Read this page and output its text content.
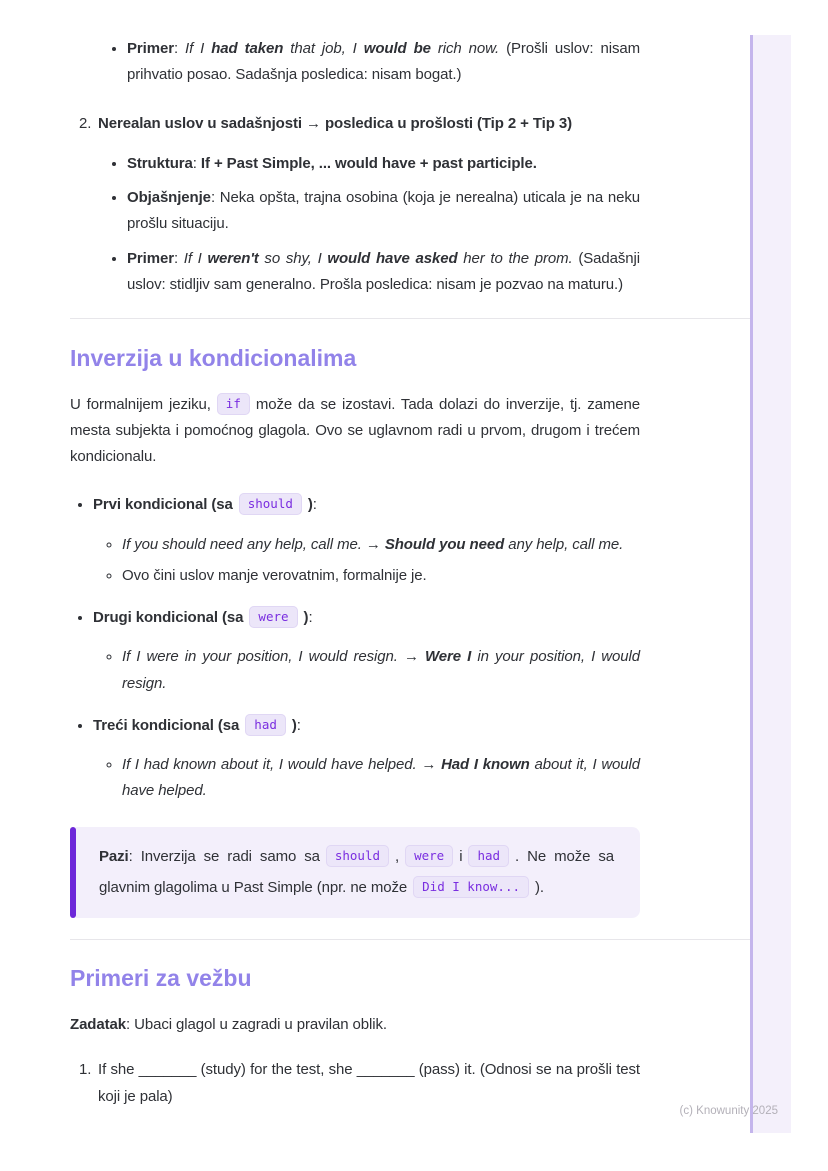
• Primer: If I had taken that job, I would be rich now. (Prošli uslov: nisam prihvatio posao. Sadašnja posledica: nisam bogat.)
2. Nerealan uslov u sadašnjosti → posledica u prošlosti (Tip 2 + Tip 3)
• Struktura: If + Past Simple, ... would have + past participle.
• Objašnjenje: Neka opšta, trajna osobina (koja je nerealna) uticala je na neku prošlu situaciju.
• Primer: If I weren't so shy, I would have asked her to the prom. (Sadašnji uslov: stidljiv sam generalno. Prošla posledica: nisam je pozvao na maturu.)
Inverzija u kondicionalima

U formalnijem jeziku, if može da se izostavi. Tada dolazi do inverzije, tj. zamene mesta subjekta i pomoćnog glagola. Ovo se uglavnom radi u prvom, drugom i trećem kondicionalu.

• Prvi kondicional (sa should ):
◦ If you should need any help, call me. → Should you need any help, call me.
◦ Ovo čini uslov manje verovatnim, formalnije je.
• Drugi kondicional (sa were ):
◦ If I were in your position, I would resign. → Were I in your position, I would resign.
• Treći kondicional (sa had ):
◦ If I had known about it, I would have helped. → Had I known about it, I would have helped.
Pazi: Inverzija se radi samo sa should , were i had . Ne može sa glavnim glagolima u Past Simple (npr. ne može Did I know... ).
Primeri za vežbu

Zadatak: Ubaci glagol u zagradi u pravilan oblik.

1. If she _______ (study) for the test, she _______ (pass) it. (Odnosi se na prošli test koji je pala)
(c) Knowunity 2025
